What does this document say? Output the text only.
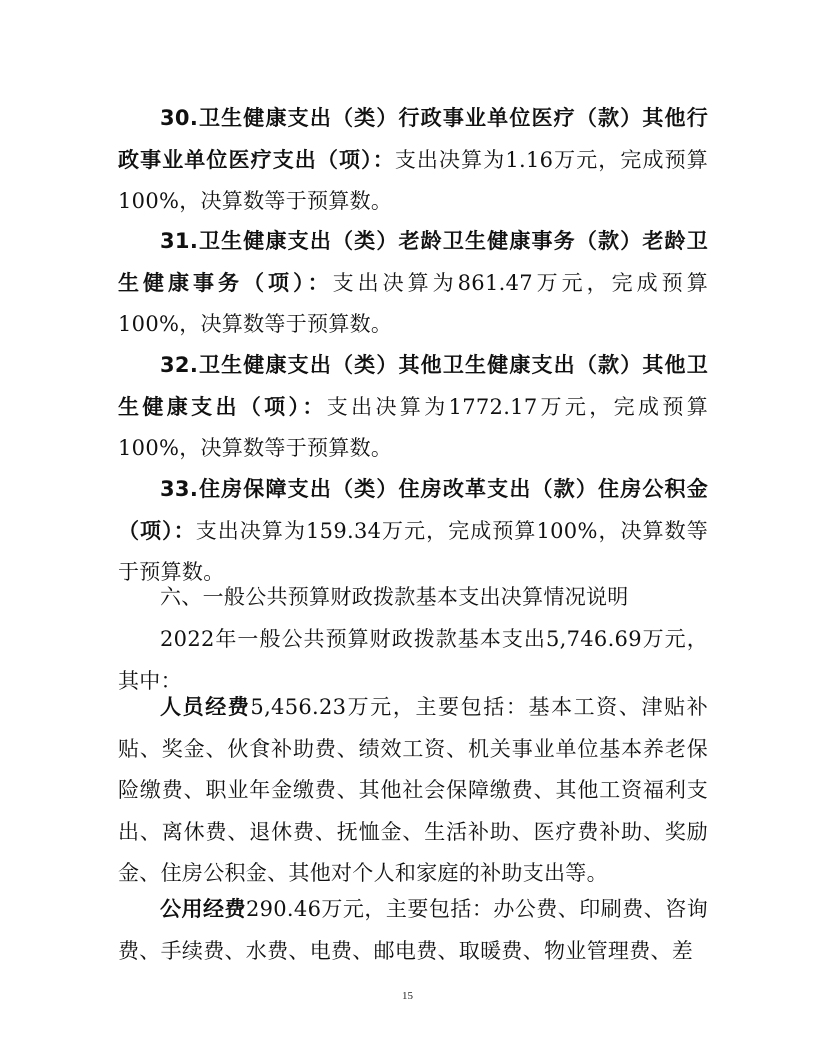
30.卫生健康支出（类）行政事业单位医疗（款）其他行政事业单位医疗支出（项）：支出决算为1.16万元，完成预算100%，决算数等于预算数。

31.卫生健康支出（类）老龄卫生健康事务（款）老龄卫生健康事务（项）：支出决算为861.47万元，完成预算100%，决算数等于预算数。

32.卫生健康支出（类）其他卫生健康支出（款）其他卫生健康支出（项）：支出决算为1772.17万元，完成预算100%，决算数等于预算数。

33.住房保障支出（类）住房改革支出（款）住房公积金（项）：支出决算为159.34万元，完成预算100%，决算数等于预算数。

六、一般公共预算财政拨款基本支出决算情况说明

2022年一般公共预算财政拨款基本支出5,746.69万元，其中：

人员经费5,456.23万元，主要包括：基本工资、津贴补贴、奖金、伙食补助费、绩效工资、机关事业单位基本养老保险缴费、职业年金缴费、其他社会保障缴费、其他工资福利支出、离休费、退休费、抚恤金、生活补助、医疗费补助、奖励金、住房公积金、其他对个人和家庭的补助支出等。

公用经费290.46万元，主要包括：办公费、印刷费、咨询费、手续费、水费、电费、邮电费、取暖费、物业管理费、差

15
